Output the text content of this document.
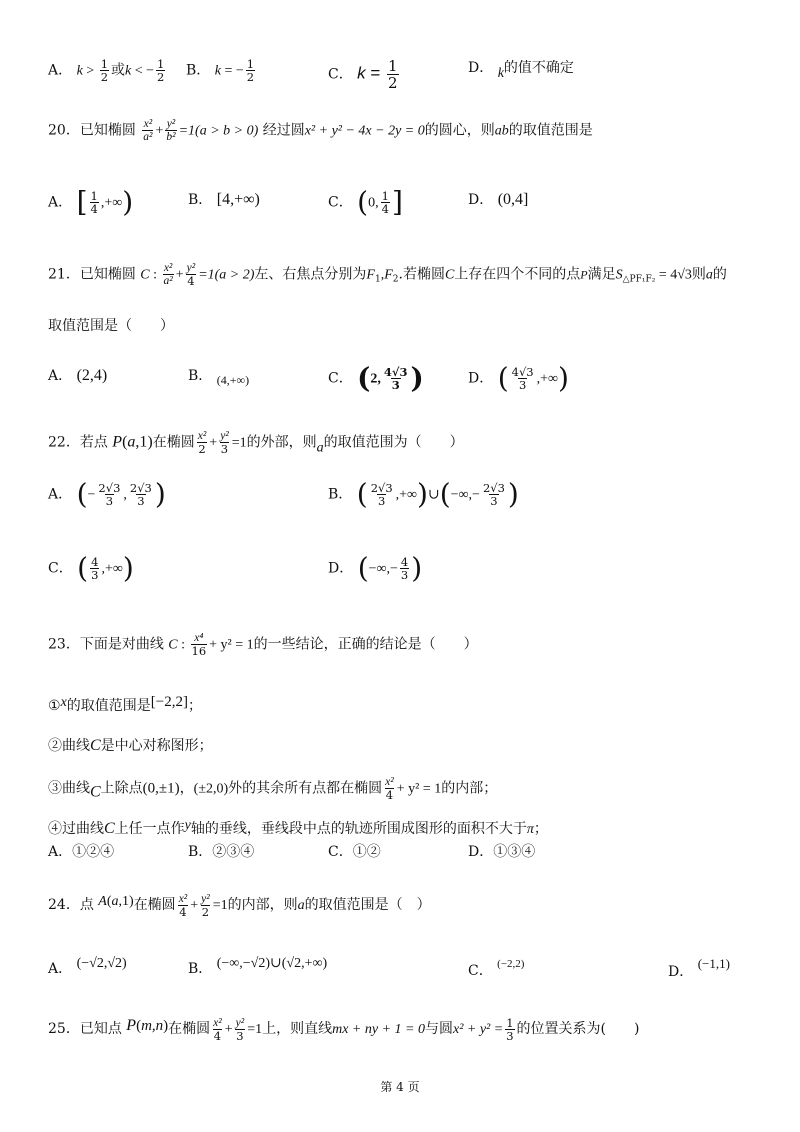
A． $k > \frac{1}{2}$ 或k < − $\frac{1}{2}$ B． k = − $\frac{1}{2}$	C． $k = \frac{1}{2}$	D． k的值不确定
20．已知椭圆 $\frac{\text{x²}}{\text{a²}} + \frac{\text{y²}}{\text{b²}} =1(a > b > 0)$ 经过圆x² + y² − 4x − 2y = 0的圆心，则ab的取值范围是
A． [ $\frac{1}{4}$ ,+∞)	B． [4,+∞)	C． (0, $\frac{1}{4}$ ]	D． (0,4]
21．已知椭圆 C : $\frac{\text{x²}}{\text{a²}} + \frac{\text{y²}}{4} =1(a > 2)$左、右焦点分别为$F_1,F_2$.若椭圆C上存在四个不同的点P满足$S_{\triangle PF_1F_2} = 4√3$则a的
取值范围是（　　）
A． (2,4)	B． (4,+∞)	C． (2, $\frac{4√3}{3}$ )	D． ( $\frac{4√3}{3}$ ,+∞)
22．若点 P(a,1)在椭圆 $\frac{\text{x²}}{2} + \frac{\text{y²}}{3} =1$的外部，则a的取值范围为（　　）
A． (− $\frac{2√3}{3}$ , $\frac{2√3}{3}$ )	B． ( $\frac{2√3}{3}$ ,+∞)∪(−∞,− $\frac{2√3}{3}$ )
C． ( $\frac{4}{3}$ ,+∞)	D． (−∞,− $\frac{4}{3}$ )
23．下面是对曲线 C : $\frac{\text{x⁴}}{16} + y^2 = 1$的一些结论，正确的结论是（　　）
①x的取值范围是[−2,2]；
②曲线C是中心对称图形；
③曲线C上除点(0,±1)，(±2,0)外的其余所有点都在椭圆 $\frac{\text{x²}}{4} + y^2 = 1$的内部；
④过曲线C上任一点作y轴的垂线，垂线段中点的轨迹所围成图形的面积不大于π；
A．①②④	B．②③④	C．①②	D．①③④
24．点 A(a,1)在椭圆 $\frac{\text{x²}}{4} + \frac{\text{y²}}{2} =1$的内部，则a的取值范围是（　）
A． (−√2,√2)	B． (−∞,−√2)∪(√2,+∞)	C． $^{(-2,2)}$	D． (−1,1)
25．已知点 P(m,n)在椭圆 $\frac{\text{x²}}{4} + \frac{\text{y²}}{3} =1$上，则直线mx + ny + 1 = 0与圆$x^2 + y^2 = \frac{1}{3}$ 的位置关系为(　　)
第 4 页
